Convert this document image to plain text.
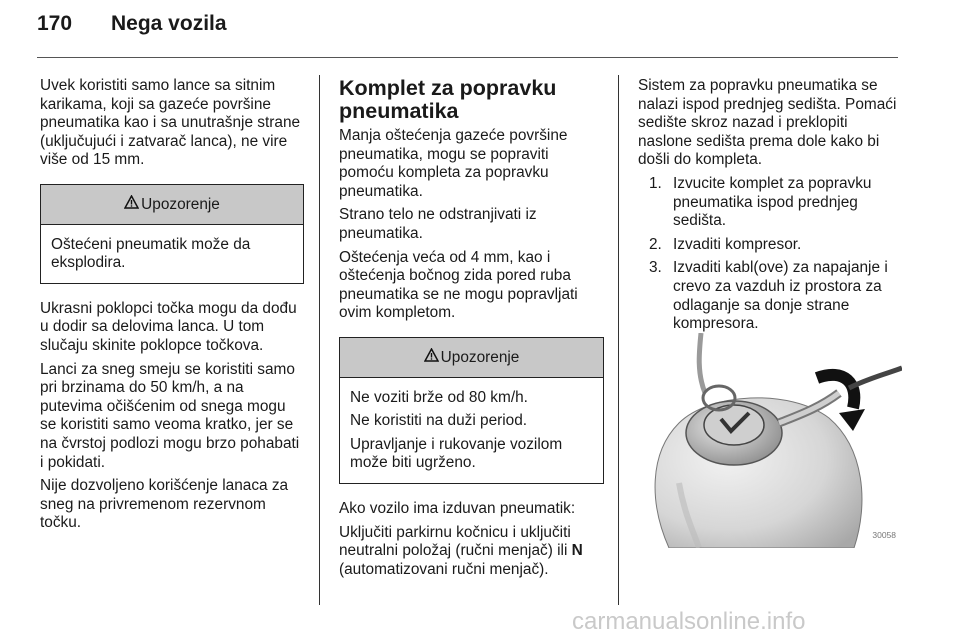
170	Nega vozila

Uvek koristiti samo lance sa sitnim karikama, koji sa gazeće površine pneumatika kao i sa unutrašnje strane (uključujući i zatvarač lanca), ne vire više od 15 mm.

Upozorenje

Oštećeni pneumatik može da eksplodira.

Ukrasni poklopci točka mogu da dođu u dodir sa delovima lanca. U tom slučaju skinite poklopce točkova.

Lanci za sneg smeju se koristiti samo pri brzinama do 50 km/h, a na putevima očišćenim od snega mogu se koristiti samo veoma kratko, jer se na čvrstoj podlozi mogu brzo pohabati i pokidati.

Nije dozvoljeno korišćenje lanaca za sneg na privremenom rezervnom točku.

Komplet za popravku pneumatika

Manja oštećenja gazeće površine pneumatika, mogu se popraviti pomoću kompleta za popravku pneumatika.

Strano telo ne odstranjivati iz pneumatika.

Oštećenja veća od 4 mm, kao i oštećenja bočnog zida pored ruba pneumatika se ne mogu popravljati ovim kompletom.

Upozorenje

Ne voziti brže od 80 km/h.

Ne koristiti na duži period.

Upravljanje i rukovanje vozilom može biti ugrženo.

Ako vozilo ima izduvan pneumatik:

Uključiti parkirnu kočnicu i uključiti neutralni položaj (ručni menjač) ili N (automatizovani ručni menjač).

Sistem za popravku pneumatika se nalazi ispod prednjeg sedišta. Pomaći sedište skroz nazad i preklopiti naslone sedišta prema dole kako bi došli do kompleta.

1. Izvucite komplet za popravku pneumatika ispod prednjeg sedišta.
2. Izvaditi kompresor.
3. Izvaditi kabl(ove) za napajanje i crevo za vazduh iz prostora za odlaganje sa donje strane kompresora.
30058
carmanualsonline.info
